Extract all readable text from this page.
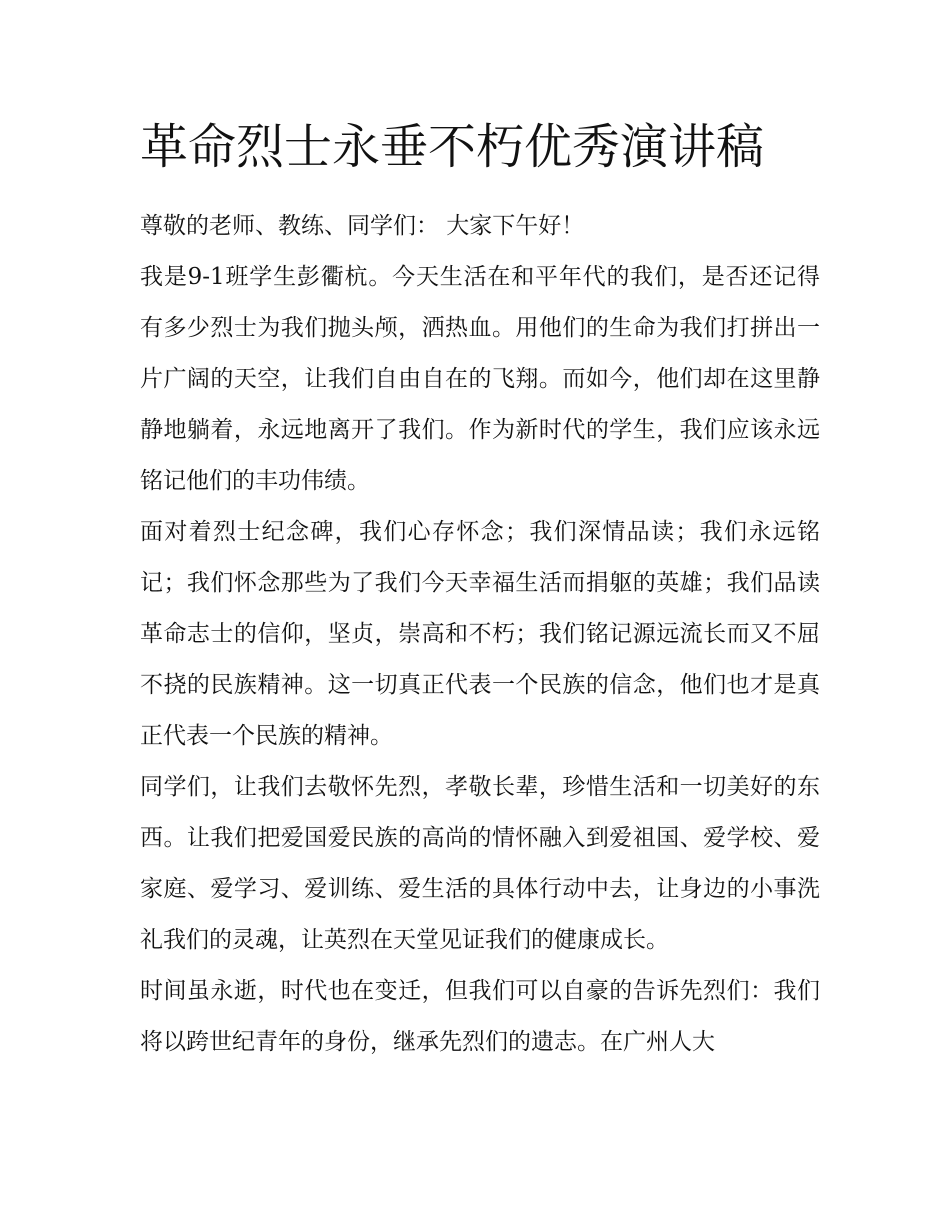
革命烈士永垂不朽优秀演讲稿

尊敬的老师、教练、同学们： 大家下午好！

我是9-1班学生彭衢杭。今天生活在和平年代的我们，是否还记得有多少烈士为我们抛头颅，洒热血。用他们的生命为我们打拼出一片广阔的天空，让我们自由自在的飞翔。而如今，他们却在这里静静地躺着，永远地离开了我们。作为新时代的学生，我们应该永远铭记他们的丰功伟绩。

面对着烈士纪念碑，我们心存怀念；我们深情品读；我们永远铭记；我们怀念那些为了我们今天幸福生活而捐躯的英雄；我们品读革命志士的信仰，坚贞，崇高和不朽；我们铭记源远流长而又不屈不挠的民族精神。这一切真正代表一个民族的信念，他们也才是真正代表一个民族的精神。

同学们，让我们去敬怀先烈，孝敬长辈，珍惜生活和一切美好的东西。让我们把爱国爱民族的高尚的情怀融入到爱祖国、爱学校、爱家庭、爱学习、爱训练、爱生活的具体行动中去，让身边的小事洗礼我们的灵魂，让英烈在天堂见证我们的健康成长。

时间虽永逝，时代也在变迁，但我们可以自豪的告诉先烈们：我们将以跨世纪青年的身份，继承先烈们的遗志。在广州人大
